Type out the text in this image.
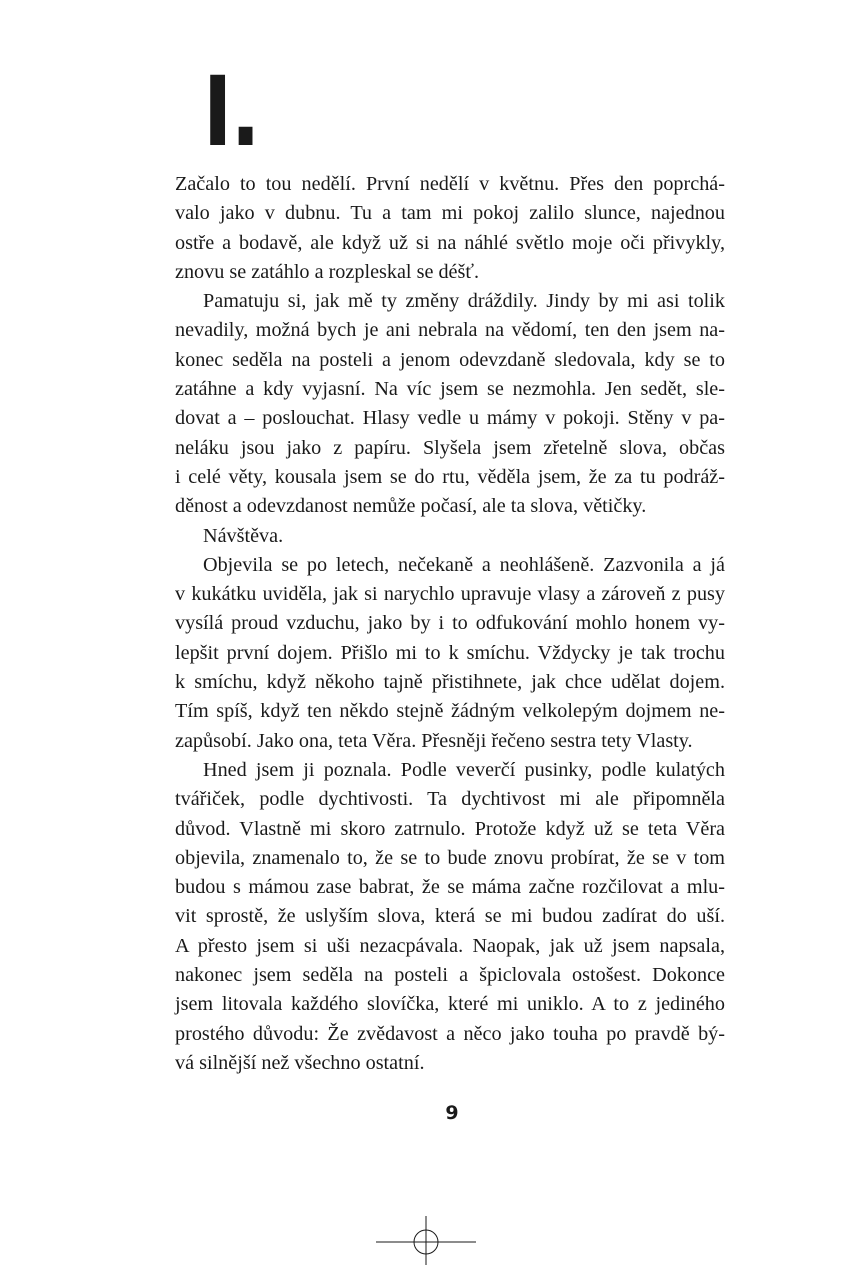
I.
Začalo to tou nedělí. První nedělí v květnu. Přes den poprchá-
valo jako v dubnu. Tu a tam mi pokoj zalilo slunce, najednou
ostře a bodavě, ale když už si na náhlé světlo moje oči přivykly,
znovu se zatáhlo a rozpleskal se déšť.
Pamatuju si, jak mě ty změny dráždily. Jindy by mi asi tolik
nevadily, možná bych je ani nebrala na vědomí, ten den jsem na-
konec seděla na posteli a jenom odevzdaně sledovala, kdy se to
zatáhne a kdy vyjasní. Na víc jsem se nezmohla. Jen sedět, sle-
dovat a – poslouchat. Hlasy vedle u mámy v pokoji. Stěny v pa-
neláku jsou jako z papíru. Slyšela jsem zřetelně slova, občas
i celé věty, kousala jsem se do rtu, věděla jsem, že za tu podráž-
děnost a odevzdanost nemůže počasí, ale ta slova, větičky.
Návštěva.
Objevila se po letech, nečekaně a neohlášeně. Zazvonila a já
v kukátku uviděla, jak si narychlo upravuje vlasy a zároveň z pusy
vysílá proud vzduchu, jako by i to odfukování mohlo honem vy-
lepšit první dojem. Přišlo mi to k smíchu. Vždycky je tak trochu
k smíchu, když někoho tajně přistihnete, jak chce udělat dojem.
Tím spíš, když ten někdo stejně žádným velkolepým dojmem ne-
zapůsobí. Jako ona, teta Věra. Přesněji řečeno sestra tety Vlasty.
Hned jsem ji poznala. Podle veverčí pusinky, podle kulatých
tvářiček, podle dychtivosti. Ta dychtivost mi ale připomněla
důvod. Vlastně mi skoro zatrnulo. Protože když už se teta Věra
objevila, znamenalo to, že se to bude znovu probírat, že se v tom
budou s mámou zase babrat, že se máma začne rozčilovat a mlu-
vit sprostě, že uslyším slova, která se mi budou zadírat do uší.
A přesto jsem si uši nezacpávala. Naopak, jak už jsem napsala,
nakonec jsem seděla na posteli a špiclovala ostošest. Dokonce
jsem litovala každého slovíčka, které mi uniklo. A to z jediného
prostého důvodu: Že zvědavost a něco jako touha po pravdě bý-
vá silnější než všechno ostatní.
9
